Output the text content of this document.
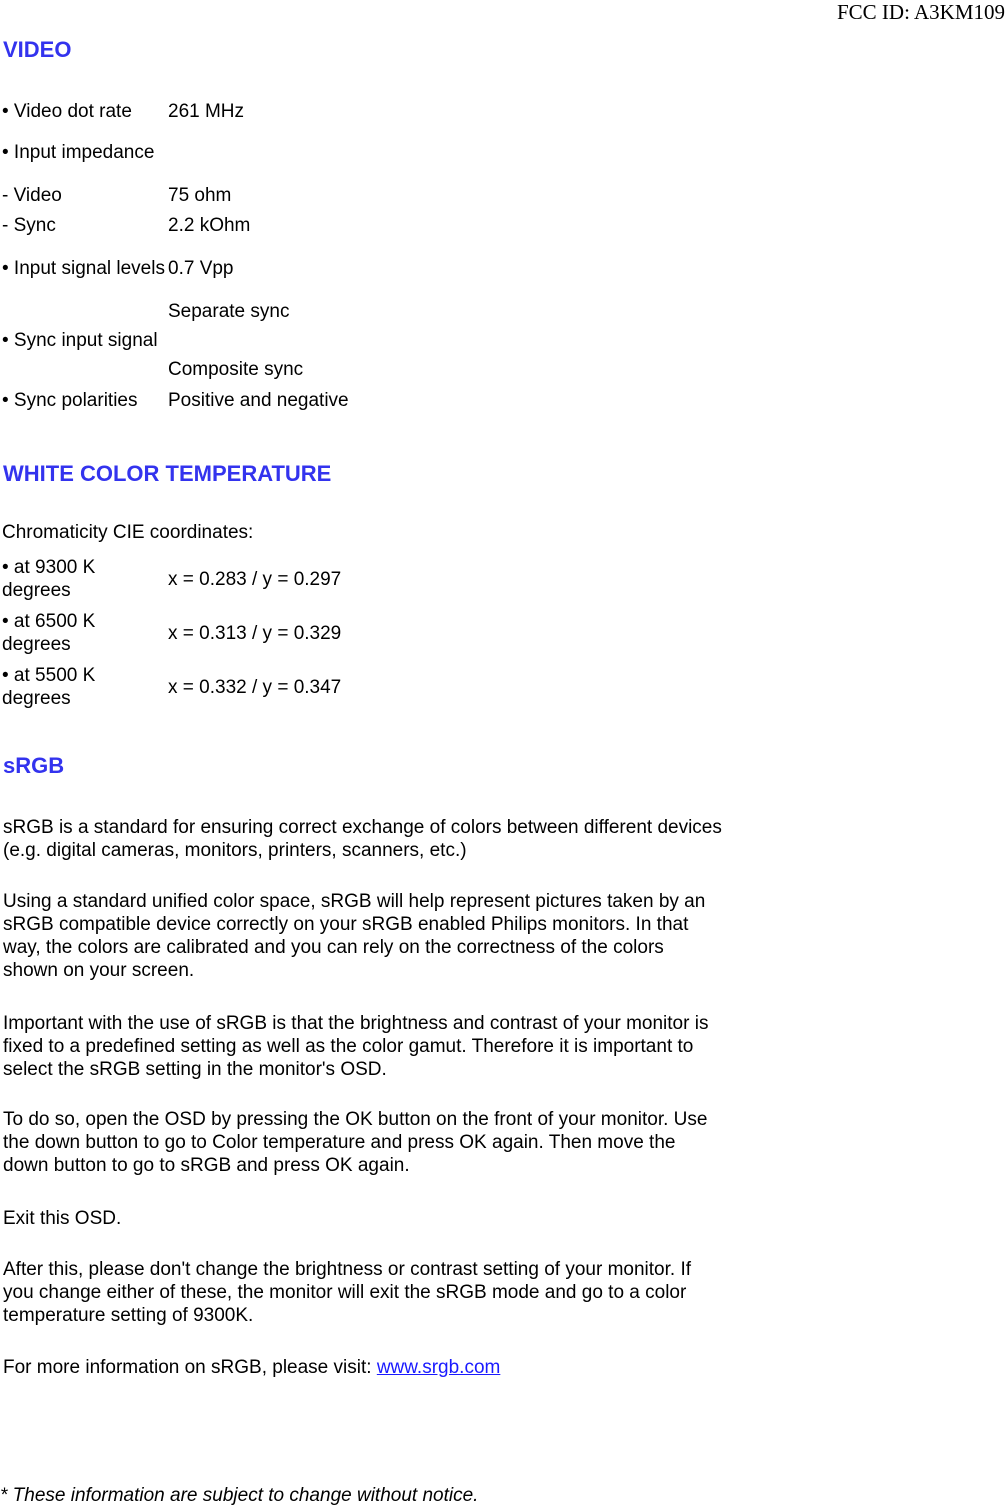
FCC ID: A3KM109
VIDEO
• Video dot rate	261 MHz
• Input impedance	
- Video	75 ohm
- Sync	2.2 kOhm
• Input signal levels	0.7 Vpp
• Sync input signal	Separate sync
Composite sync

• Sync polarities	Positive and negative
WHITE COLOR TEMPERATURE

Chromaticity CIE coordinates:

• at 9300 K degrees	x = 0.283 / y = 0.297
• at 6500 K degrees	x = 0.313 / y = 0.329
• at 5500 K degrees	x = 0.332 / y = 0.347
sRGB

sRGB is a standard for ensuring correct exchange of colors between different devices (e.g. digital cameras, monitors, printers, scanners, etc.)

Using a standard unified color space, sRGB will help represent pictures taken by an sRGB compatible device correctly on your sRGB enabled Philips monitors. In that way, the colors are calibrated and you can rely on the correctness of the colors shown on your screen.

Important with the use of sRGB is that the brightness and contrast of your monitor is fixed to a predefined setting as well as the color gamut. Therefore it is important to select the sRGB setting in the monitor's OSD.

To do so, open the OSD by pressing the OK button on the front of your monitor. Use the down button to go to Color temperature and press OK again. Then move the down button to go to sRGB and press OK again.

Exit this OSD.

After this, please don't change the brightness or contrast setting of your monitor. If you change either of these, the monitor will exit the sRGB mode and go to a color temperature setting of 9300K.

For more information on sRGB, please visit: www.srgb.com

* These information are subject to change without notice.
